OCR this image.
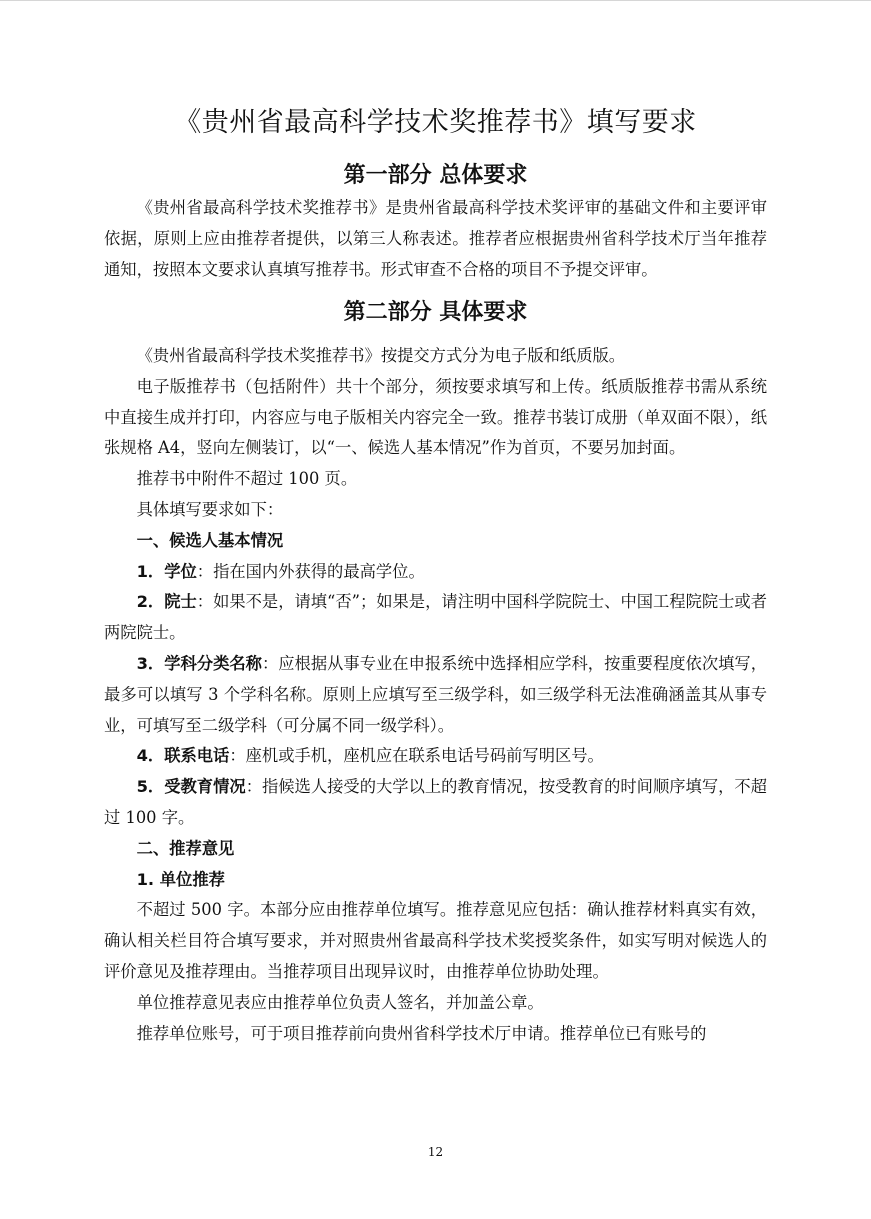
《贵州省最高科学技术奖推荐书》填写要求
第一部分 总体要求

《贵州省最高科学技术奖推荐书》是贵州省最高科学技术奖评审的基础文件和主要评审依据，原则上应由推荐者提供，以第三人称表述。推荐者应根据贵州省科学技术厅当年推荐通知，按照本文要求认真填写推荐书。形式审查不合格的项目不予提交评审。

第二部分 具体要求

《贵州省最高科学技术奖推荐书》按提交方式分为电子版和纸质版。

电子版推荐书（包括附件）共十个部分，须按要求填写和上传。纸质版推荐书需从系统中直接生成并打印，内容应与电子版相关内容完全一致。推荐书装订成册（单双面不限），纸张规格 A4，竖向左侧装订，以“一、候选人基本情况”作为首页，不要另加封面。

推荐书中附件不超过 100 页。

具体填写要求如下：

一、候选人基本情况

1．学位：指在国内外获得的最高学位。

2．院士：如果不是，请填“否”；如果是，请注明中国科学院院士、中国工程院院士或者两院院士。

3．学科分类名称：应根据从事专业在申报系统中选择相应学科，按重要程度依次填写，最多可以填写 3 个学科名称。原则上应填写至三级学科，如三级学科无法准确涵盖其从事专业，可填写至二级学科（可分属不同一级学科）。

4．联系电话：座机或手机，座机应在联系电话号码前写明区号。

5．受教育情况：指候选人接受的大学以上的教育情况，按受教育的时间顺序填写，不超过 100 字。

二、推荐意见

1. 单位推荐

不超过 500 字。本部分应由推荐单位填写。推荐意见应包括：确认推荐材料真实有效，确认相关栏目符合填写要求，并对照贵州省最高科学技术奖授奖条件，如实写明对候选人的评价意见及推荐理由。当推荐项目出现异议时，由推荐单位协助处理。

单位推荐意见表应由推荐单位负责人签名，并加盖公章。

推荐单位账号，可于项目推荐前向贵州省科学技术厅申请。推荐单位已有账号的

12
